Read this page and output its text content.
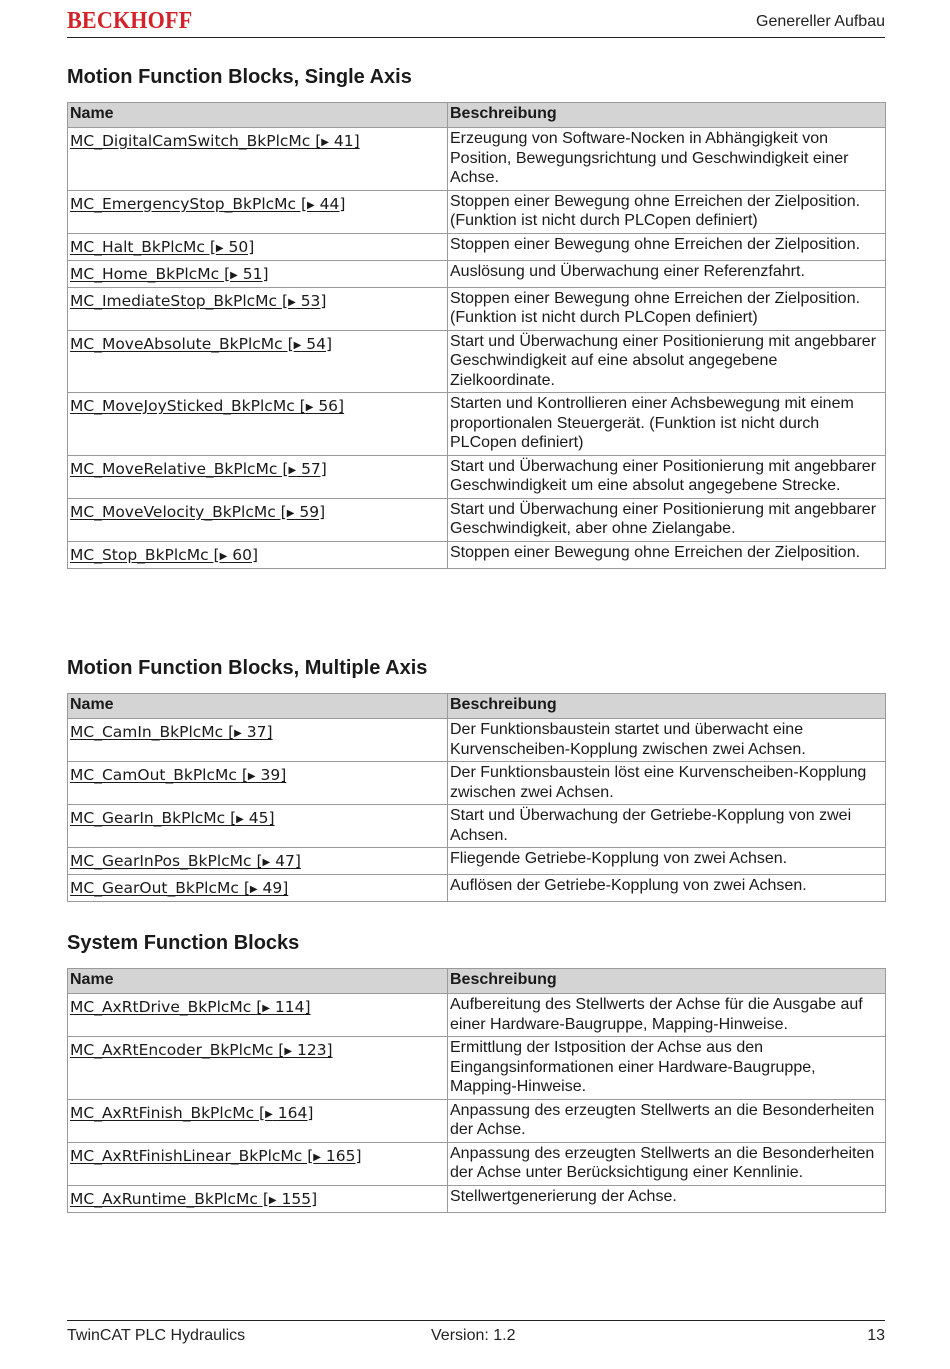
BECKHOFF	Genereller Aufbau
Motion Function Blocks, Single Axis
Name	Beschreibung
MC_DigitalCamSwitch_BkPlcMc [▶ 41]	Erzeugung von Software-Nocken in Abhängigkeit von Position, Bewegungsrichtung und Geschwindigkeit einer Achse.
MC_EmergencyStop_BkPlcMc [▶ 44]	Stoppen einer Bewegung ohne Erreichen der Zielposition. (Funktion ist nicht durch PLCopen definiert)
MC_Halt_BkPlcMc [▶ 50]	Stoppen einer Bewegung ohne Erreichen der Zielposition.
MC_Home_BkPlcMc [▶ 51]	Auslösung und Überwachung einer Referenzfahrt.
MC_ImediateStop_BkPlcMc [▶ 53]	Stoppen einer Bewegung ohne Erreichen der Zielposition. (Funktion ist nicht durch PLCopen definiert)
MC_MoveAbsolute_BkPlcMc [▶ 54]	Start und Überwachung einer Positionierung mit angebbarer Geschwindigkeit auf eine absolut angegebene Zielkoordinate.
MC_MoveJoySticked_BkPlcMc [▶ 56]	Starten und Kontrollieren einer Achsbewegung mit einem proportionalen Steuergerät. (Funktion ist nicht durch PLCopen definiert)
MC_MoveRelative_BkPlcMc [▶ 57]	Start und Überwachung einer Positionierung mit angebbarer Geschwindigkeit um eine absolut angegebene Strecke.
MC_MoveVelocity_BkPlcMc [▶ 59]	Start und Überwachung einer Positionierung mit angebbarer Geschwindigkeit, aber ohne Zielangabe.
MC_Stop_BkPlcMc [▶ 60]	Stoppen einer Bewegung ohne Erreichen der Zielposition.
Motion Function Blocks, Multiple Axis
Name	Beschreibung
MC_CamIn_BkPlcMc [▶ 37]	Der Funktionsbaustein startet und überwacht eine Kurvenscheiben-Kopplung zwischen zwei Achsen.
MC_CamOut_BkPlcMc [▶ 39]	Der Funktionsbaustein löst eine Kurvenscheiben-Kopplung zwischen zwei Achsen.
MC_GearIn_BkPlcMc [▶ 45]	Start und Überwachung der Getriebe-Kopplung von zwei Achsen.
MC_GearInPos_BkPlcMc [▶ 47]	Fliegende Getriebe-Kopplung von zwei Achsen.
MC_GearOut_BkPlcMc [▶ 49]	Auflösen der Getriebe-Kopplung von zwei Achsen.
System Function Blocks
Name	Beschreibung
MC_AxRtDrive_BkPlcMc [▶ 114]	Aufbereitung des Stellwerts der Achse für die Ausgabe auf einer Hardware-Baugruppe, Mapping-Hinweise.
MC_AxRtEncoder_BkPlcMc [▶ 123]	Ermittlung der Istposition der Achse aus den Eingangsinformationen einer Hardware-Baugruppe, Mapping-Hinweise.
MC_AxRtFinish_BkPlcMc [▶ 164]	Anpassung des erzeugten Stellwerts an die Besonderheiten der Achse.
MC_AxRtFinishLinear_BkPlcMc [▶ 165]	Anpassung des erzeugten Stellwerts an die Besonderheiten der Achse unter Berücksichtigung einer Kennlinie.
MC_AxRuntime_BkPlcMc [▶ 155]	Stellwertgenerierung der Achse.
TwinCAT PLC Hydraulics	Version: 1.2	13
